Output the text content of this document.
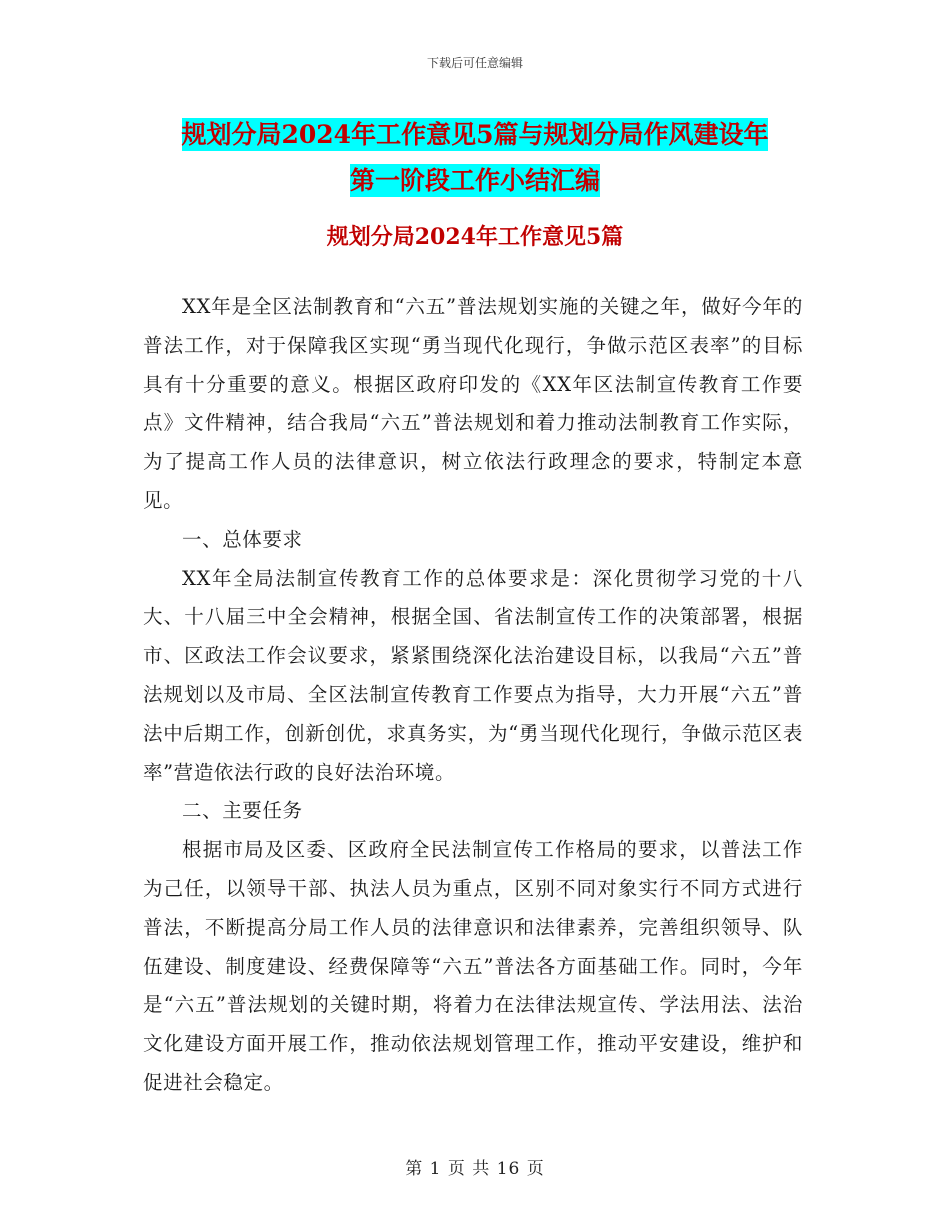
下载后可任意编辑
规划分局2024年工作意见5篇与规划分局作风建设年
第一阶段工作小结汇编
规划分局2024年工作意见5篇

XX年是全区法制教育和“六五”普法规划实施的关键之年，做好今年的普法工作，对于保障我区实现“勇当现代化现行，争做示范区表率”的目标具有十分重要的意义。根据区政府印发的《XX年区法制宣传教育工作要点》文件精神，结合我局“六五”普法规划和着力推动法制教育工作实际，为了提高工作人员的法律意识，树立依法行政理念的要求，特制定本意见。

一、总体要求

XX年全局法制宣传教育工作的总体要求是：深化贯彻学习党的十八大、十八届三中全会精神，根据全国、省法制宣传工作的决策部署，根据市、区政法工作会议要求，紧紧围绕深化法治建设目标，以我局“六五”普法规划以及市局、全区法制宣传教育工作要点为指导，大力开展“六五”普法中后期工作，创新创优，求真务实，为“勇当现代化现行，争做示范区表率”营造依法行政的良好法治环境。

二、主要任务

根据市局及区委、区政府全民法制宣传工作格局的要求，以普法工作为己任，以领导干部、执法人员为重点，区别不同对象实行不同方式进行普法，不断提高分局工作人员的法律意识和法律素养，完善组织领导、队伍建设、制度建设、经费保障等“六五”普法各方面基础工作。同时，今年是“六五”普法规划的关键时期，将着力在法律法规宣传、学法用法、法治文化建设方面开展工作，推动依法规划管理工作，推动平安建设，维护和促进社会稳定。

第 1 页 共 16 页
